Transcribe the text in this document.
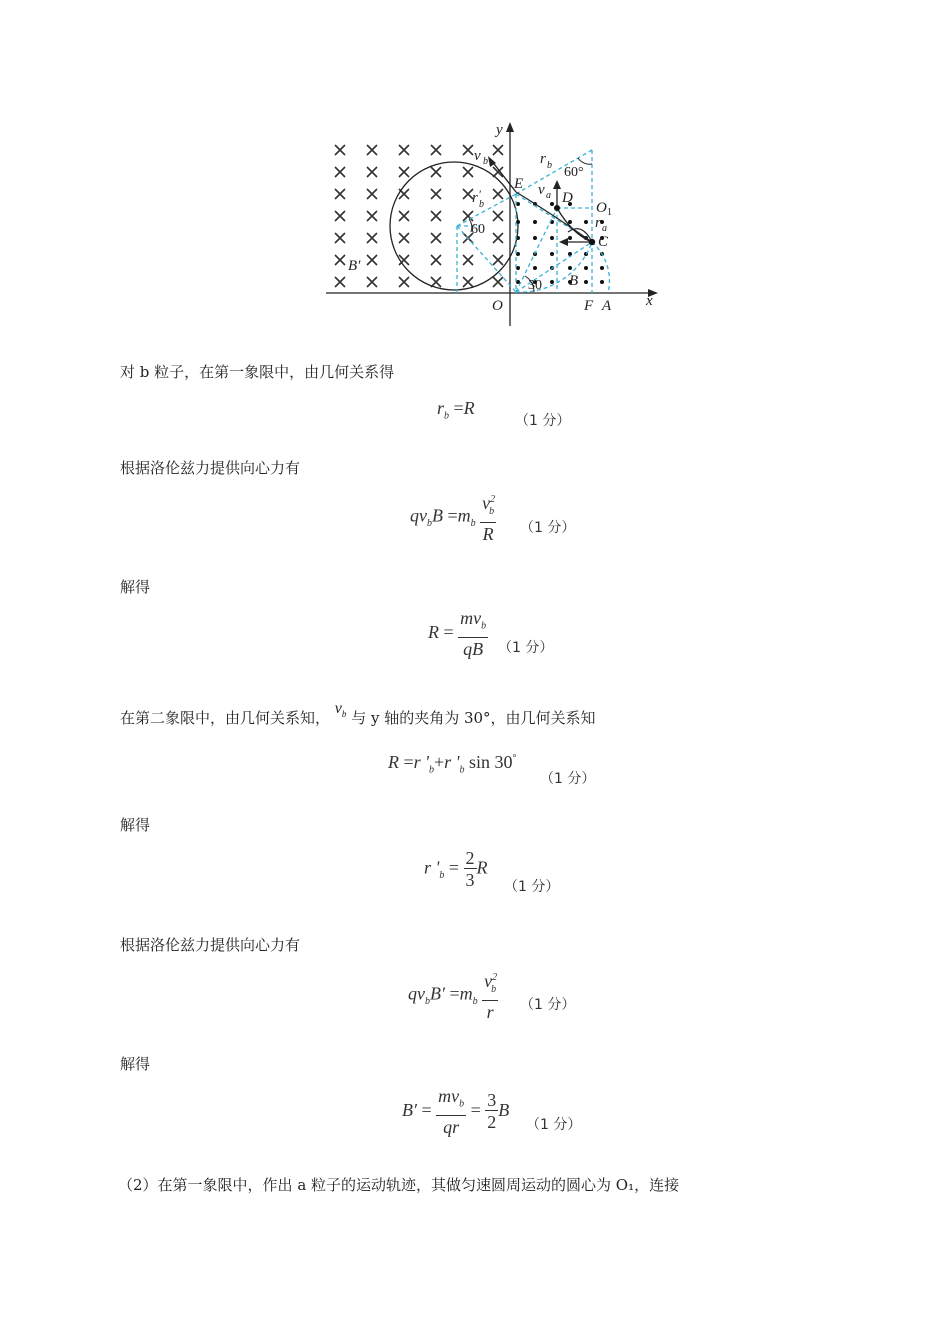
y
x
O	F A
B
B′
C
D
E
O 1
v b
v a
r b
r b
′
r a
60°
60
30
对 b 粒子，在第一象限中，由几何关系得
$r_b =R$
（1 分）
根据洛伦兹力提供向心力有
$qv_bB =m_b \frac{v^2_b}{R} (1$ 分）
解得
$R = \frac{mv_b}{qB} (1$ 分）
在第二象限中，由几何关系知， $v_b$ 与 y 轴的夹角为 30°，由几何关系知
R =r '$_b+r$ '$_b$ sin 30°
（1 分）
解得
r '$_b = \frac{2}{3}$ R
（1 分）
根据洛伦兹力提供向心力有
$qv_bB' =m_b \frac{v^2_b}{r} (1$ 分）
解得
$B' = \frac{mv_b}{qr} = \frac{3}{2}$ B
（1 分）
（2）在第一象限中，作出 a 粒子的运动轨迹，其做匀速圆周运动的圆心为 O₁，连接
